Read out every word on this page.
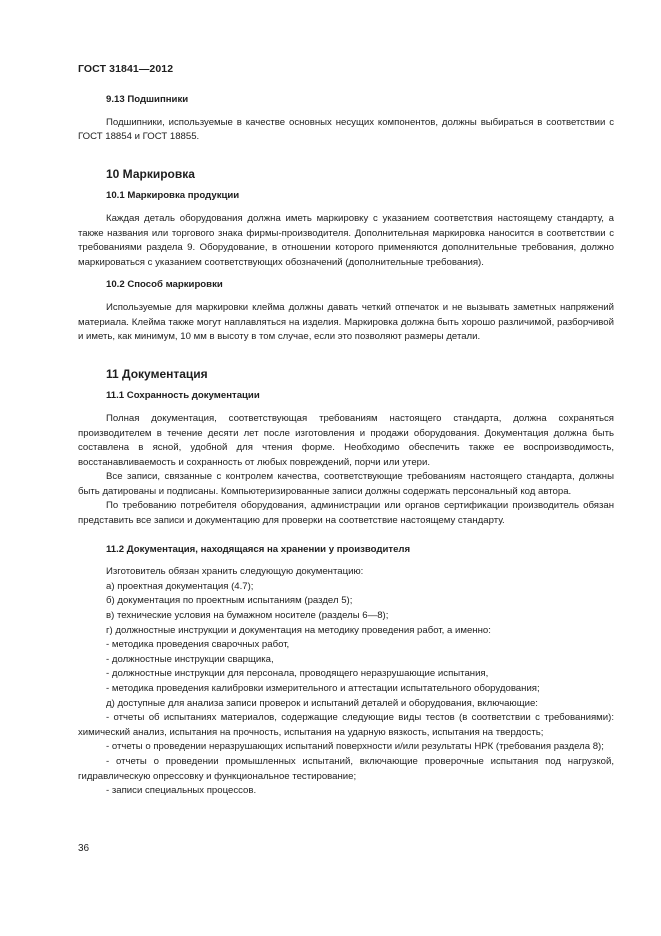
ГОСТ 31841—2012

9.13 Подшипники

Подшипники, используемые в качестве основных несущих компонентов, должны выбираться в соответствии с ГОСТ 18854 и ГОСТ 18855.

10 Маркировка

10.1 Маркировка продукции

Каждая деталь оборудования должна иметь маркировку с указанием соответствия настоящему стандарту, а также названия или торгового знака фирмы-производителя. Дополнительная маркировка наносится в соответствии с требованиями раздела 9. Оборудование, в отношении которого применяются дополнительные требования, должно маркироваться с указанием соответствующих обозначений (дополнительные требования).

10.2 Способ маркировки

Используемые для маркировки клейма должны давать четкий отпечаток и не вызывать заметных напряжений материала. Клейма также могут наплавляться на изделия. Маркировка должна быть хорошо различимой, разборчивой и иметь, как минимум, 10 мм в высоту в том случае, если это позволяют размеры детали.

11 Документация

11.1 Сохранность документации

Полная документация, соответствующая требованиям настоящего стандарта, должна сохраняться производителем в течение десяти лет после изготовления и продажи оборудования. Документация должна быть составлена в ясной, удобной для чтения форме. Необходимо обеспечить также ее воспроизводимость, восстанавливаемость и сохранность от любых повреждений, порчи или утери.

Все записи, связанные с контролем качества, соответствующие требованиям настоящего стандарта, должны быть датированы и подписаны. Компьютеризированные записи должны содержать персональный код автора.

По требованию потребителя оборудования, администрации или органов сертификации производитель обязан представить все записи и документацию для проверки на соответствие настоящему стандарту.

11.2 Документация, находящаяся на хранении у производителя

Изготовитель обязан хранить следующую документацию:

а) проектная документация (4.7);

б) документация по проектным испытаниям (раздел 5);

в) технические условия на бумажном носителе (разделы 6—8);

г) должностные инструкции и документация на методику проведения работ, а именно:

- методика проведения сварочных работ,

- должностные инструкции сварщика,

- должностные инструкции для персонала, проводящего неразрушающие испытания,

- методика проведения калибровки измерительного и аттестации испытательного оборудования;

д) доступные для анализа записи проверок и испытаний деталей и оборудования, включающие:

- отчеты об испытаниях материалов, содержащие следующие виды тестов (в соответствии с требованиями): химический анализ, испытания на прочность, испытания на ударную вязкость, испытания на твердость;

- отчеты о проведении неразрушающих испытаний поверхности и/или результаты НРК (требования раздела 8);

- отчеты о проведении промышленных испытаний, включающие проверочные испытания под нагрузкой, гидравлическую опрессовку и функциональное тестирование;

- записи специальных процессов.

36
